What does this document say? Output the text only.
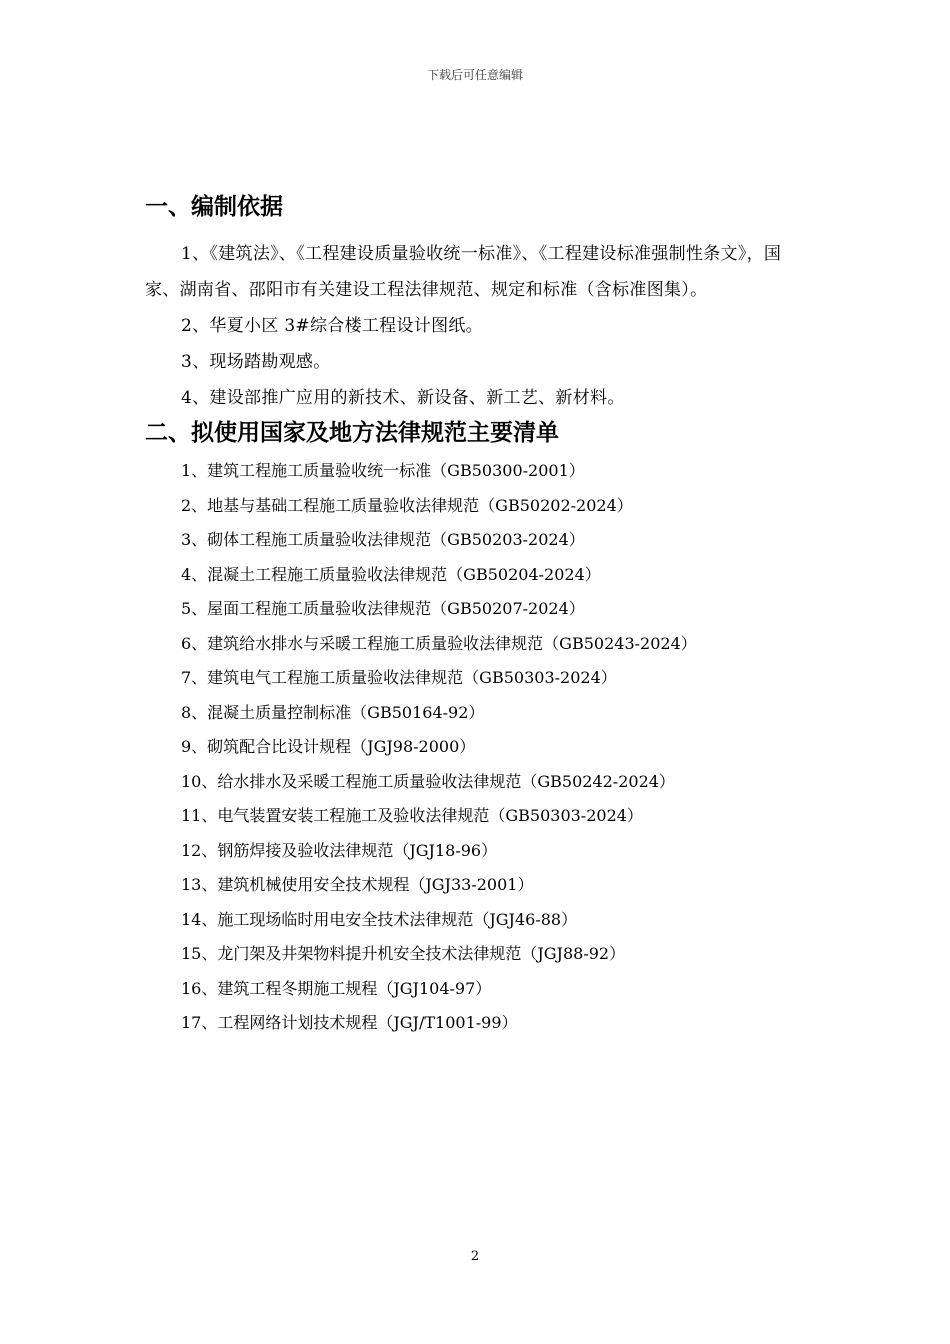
下载后可任意编辑
一、编制依据

1、《建筑法》、《工程建设质量验收统一标准》、《工程建设标准强制性条文》，国家、湖南省、邵阳市有关建设工程法律规范、规定和标准（含标准图集）。

2、华夏小区 3#综合楼工程设计图纸。

3、现场踏勘观感。

4、建设部推广应用的新技术、新设备、新工艺、新材料。

二、拟使用国家及地方法律规范主要清单

1、建筑工程施工质量验收统一标准（GB50300-2001）

2、地基与基础工程施工质量验收法律规范（GB50202-2024）

3、砌体工程施工质量验收法律规范（GB50203-2024）

4、混凝土工程施工质量验收法律规范（GB50204-2024）

5、屋面工程施工质量验收法律规范（GB50207-2024）

6、建筑给水排水与采暖工程施工质量验收法律规范（GB50243-2024）

7、建筑电气工程施工质量验收法律规范（GB50303-2024）

8、混凝土质量控制标准（GB50164-92）

9、砌筑配合比设计规程（JGJ98-2000）

10、给水排水及采暖工程施工质量验收法律规范（GB50242-2024）

11、电气装置安装工程施工及验收法律规范（GB50303-2024）

12、钢筋焊接及验收法律规范（JGJ18-96）

13、建筑机械使用安全技术规程（JGJ33-2001）

14、施工现场临时用电安全技术法律规范（JGJ46-88）

15、龙门架及井架物料提升机安全技术法律规范（JGJ88-92）

16、建筑工程冬期施工规程（JGJ104-97）

17、工程网络计划技术规程（JGJ/T1001-99）

2
